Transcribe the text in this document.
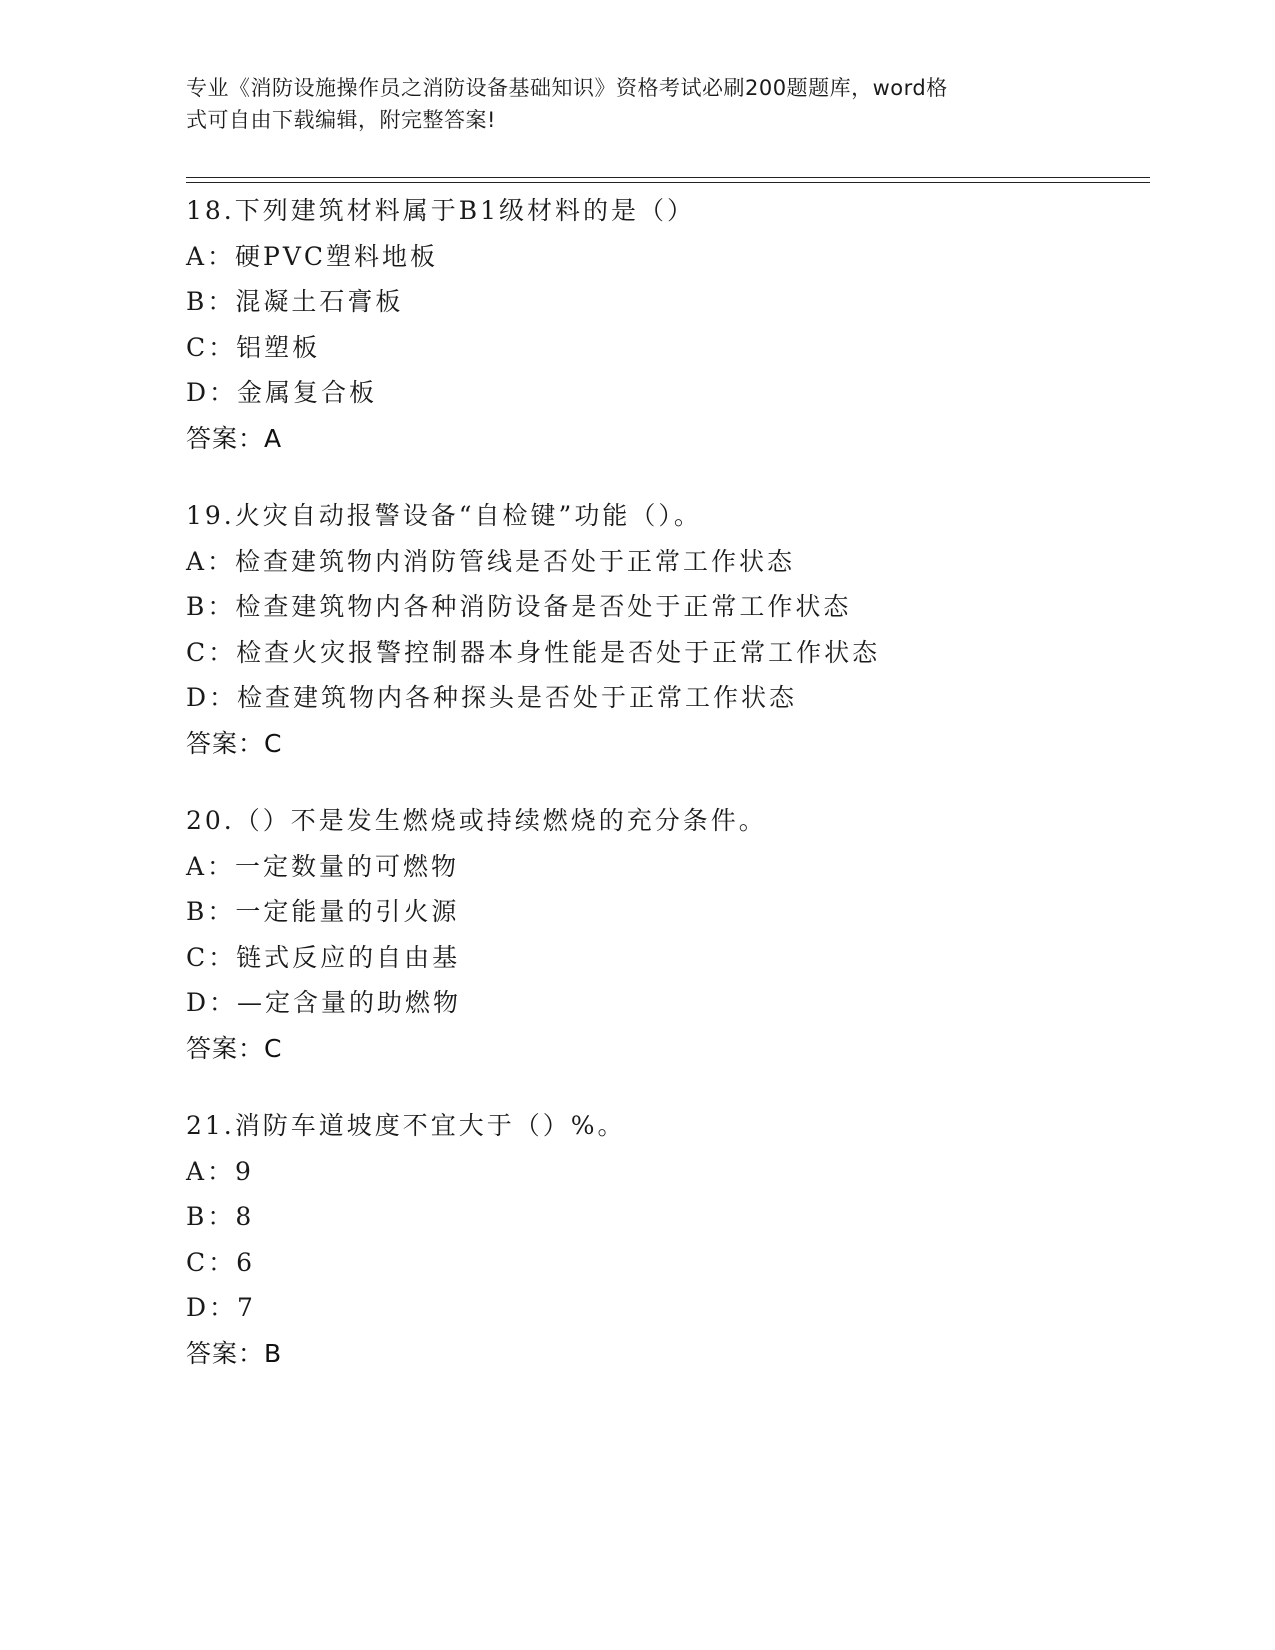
专业《消防设施操作员之消防设备基础知识》资格考试必刷200题题库，word格
式可自由下载编辑，附完整答案!
18.下列建筑材料属于B1级材料的是（）
A：硬PVC塑料地板
B：混凝土石膏板
C：铝塑板
D：金属复合板
答案：A
19.火灾自动报警设备“自检键”功能（）。
A：检查建筑物内消防管线是否处于正常工作状态
B：检查建筑物内各种消防设备是否处于正常工作状态
C：检查火灾报警控制器本身性能是否处于正常工作状态
D：检查建筑物内各种探头是否处于正常工作状态
答案：C
20.（）不是发生燃烧或持续燃烧的充分条件。
A：一定数量的可燃物
B：一定能量的引火源
C：链式反应的自由基
D：—定含量的助燃物
答案：C
21.消防车道坡度不宜大于（）%。
A：9
B：8
C：6
D：7
答案：B
